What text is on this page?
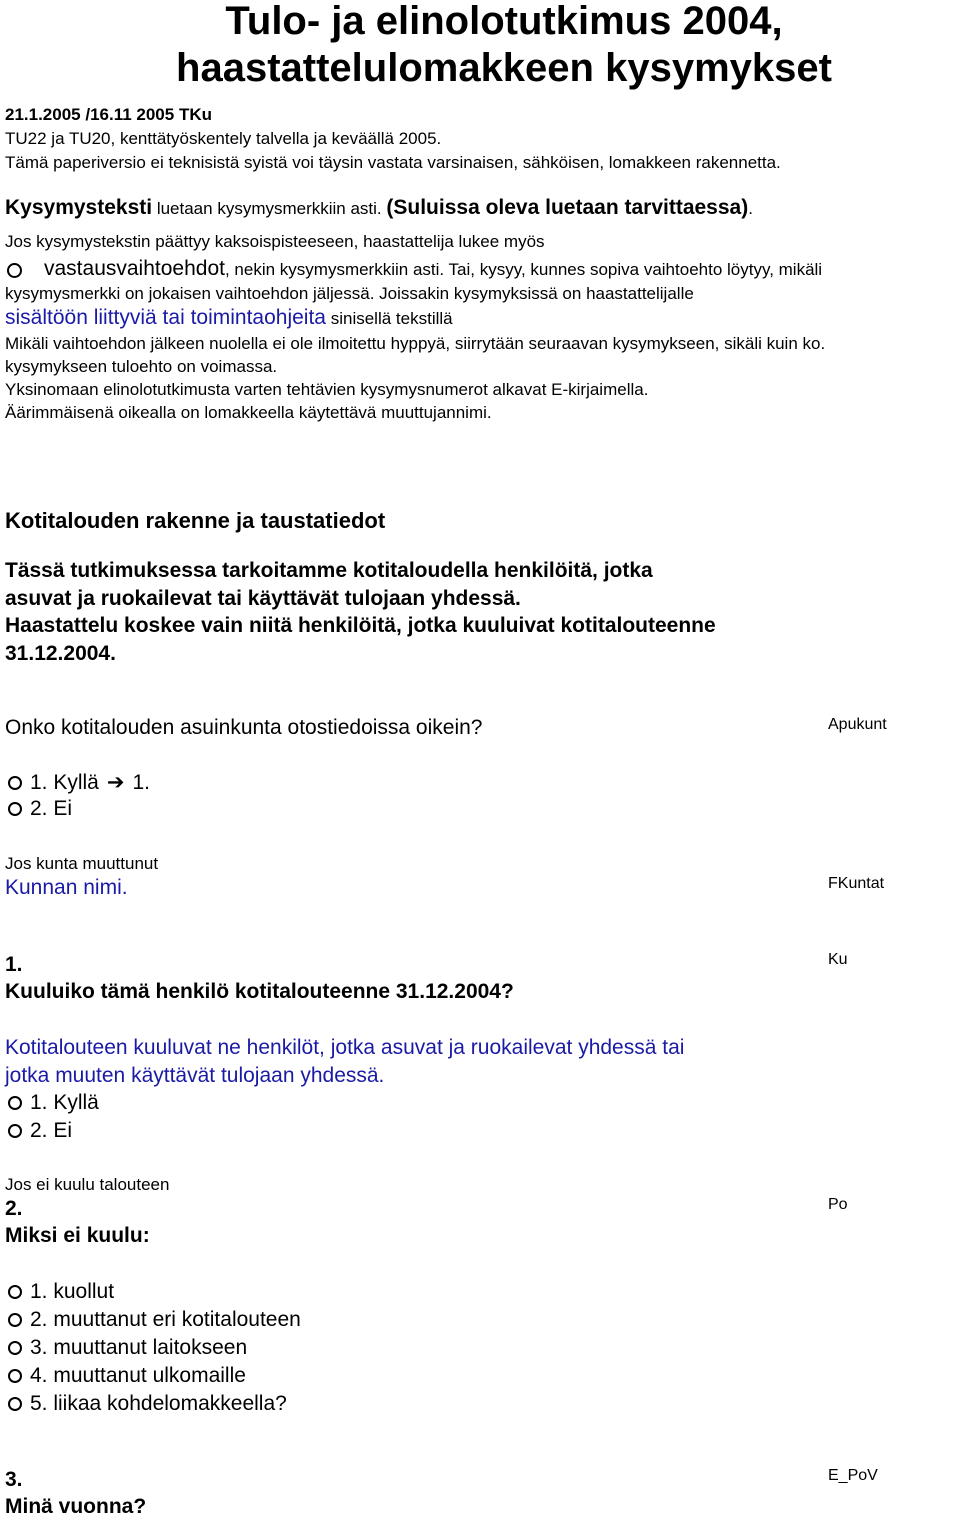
Tulo- ja elinolotutkimus 2004,
haastattelulomakkeen kysymykset
21.1.2005 /16.11 2005 TKu
TU22 ja TU20, kenttätyöskentely talvella ja keväällä 2005.
Tämä paperiversio ei teknisistä syistä voi täysin vastata varsinaisen, sähköisen, lomakkeen rakennetta.
Kysymysteksti luetaan kysymysmerkkiin asti. (Suluissa oleva luetaan tarvittaessa).
Jos kysymystekstin päättyy kaksoispisteeseen, haastattelija lukee myös
vastausvaihtoehdot, nekin kysymysmerkkiin asti. Tai, kysyy, kunnes sopiva vaihtoehto löytyy, mikäli
kysymysmerkki on jokaisen vaihtoehdon jäljessä. Joissakin kysymyksissä on haastattelijalle
sisältöön liittyviä tai toimintaohjeita sinisellä tekstillä
Mikäli vaihtoehdon jälkeen nuolella ei ole ilmoitettu hyppyä, siirrytään seuraavan kysymykseen, sikäli kuin ko.
kysymykseen tuloehto on voimassa.
Yksinomaan elinolotutkimusta varten tehtävien kysymysnumerot alkavat E-kirjaimella.
Äärimmäisenä oikealla on lomakkeella käytettävä muuttujannimi.
Kotitalouden rakenne ja taustatiedot
Tässä tutkimuksessa tarkoitamme kotitaloudella henkilöitä, jotka
asuvat ja ruokailevat tai käyttävät tulojaan yhdessä.
Haastattelu koskee vain niitä henkilöitä, jotka kuuluivat kotitalouteenne
31.12.2004.
Onko kotitalouden asuinkunta otostiedoissa oikein?	Apukunt
1. Kyllä ➔ 1.
2. Ei
Jos kunta muuttunut
Kunnan nimi.	FKuntat
1.	Ku
Kuuluiko tämä henkilö kotitalouteenne 31.12.2004?
Kotitalouteen kuuluvat ne henkilöt, jotka asuvat ja ruokailevat yhdessä tai
jotka muuten käyttävät tulojaan yhdessä.
1. Kyllä
2. Ei
Jos ei kuulu talouteen
2.	Po
Miksi ei kuulu:
1. kuollut
2. muuttanut eri kotitalouteen
3. muuttanut laitokseen
4. muuttanut ulkomaille
5. liikaa kohdelomakkeella?
3.	E_PoV
Minä vuonna?
